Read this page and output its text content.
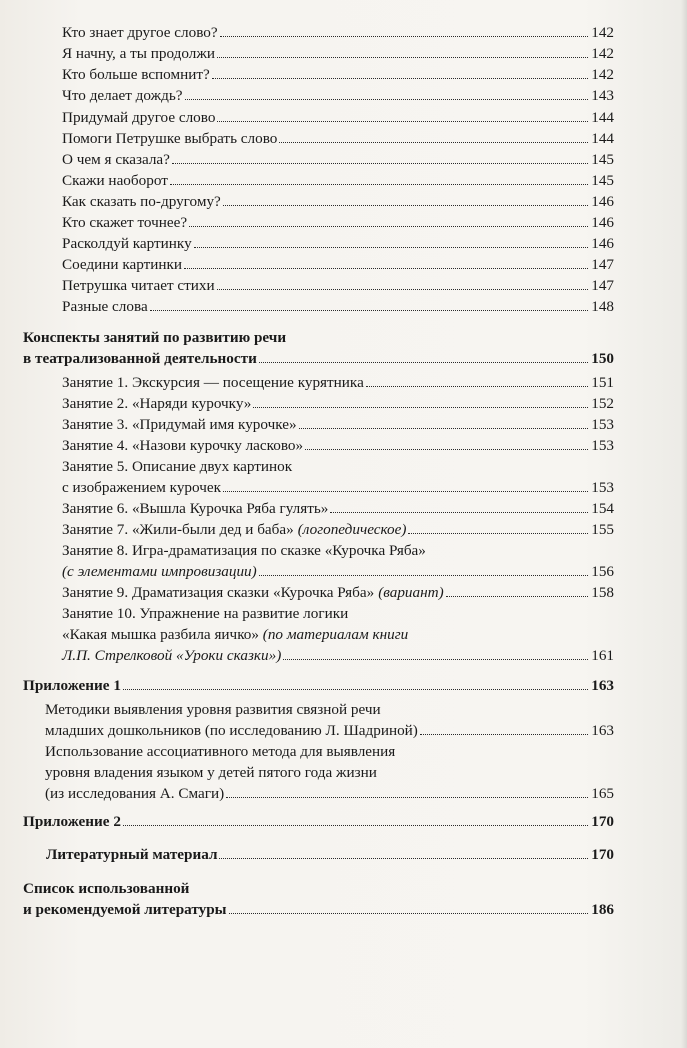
Кто знает другое слово?	142
Я начну, а ты продолжи	142
Кто больше вспомнит?	142
Что делает дождь?	143
Придумай другое слово	144
Помоги Петрушке выбрать слово	144
О чем я сказала?	145
Скажи наоборот	145
Как сказать по-другому?	146
Кто скажет точнее?	146
Расколдуй картинку	146
Соедини картинки	147
Петрушка читает стихи	147
Разные слова	148
Конспекты занятий по развитию речи
в театрализованной деятельности	150
Занятие 1. Экскурсия — посещение курятника	151
Занятие 2. «Наряди курочку»	152
Занятие 3. «Придумай имя курочке»	153
Занятие 4. «Назови курочку ласково»	153
Занятие 5. Описание двух картинок
с изображением курочек	153
Занятие 6. «Вышла Курочка Ряба гулять»	154
Занятие 7. «Жили-были дед и баба» (логопедическое)	155
Занятие 8. Игра-драматизация по сказке «Курочка Ряба»
(с элементами импровизации)	156
Занятие 9. Драматизация сказки «Курочка Ряба» (вариант)	158
Занятие 10. Упражнение на развитие логики
«Какая мышка разбила яичко» (по материалам книги
Л.П. Стрелковой «Уроки сказки»)	161
Приложение 1	163
Методики выявления уровня развития связной речи
младших дошкольников (по исследованию Л. Шадриной)	163
Использование ассоциативного метода для выявления
уровня владения языком у детей пятого года жизни
(из исследования А. Смаги)	165
Приложение 2	170
Литературный материал	170
Список использованной
и рекомендуемой литературы	186
